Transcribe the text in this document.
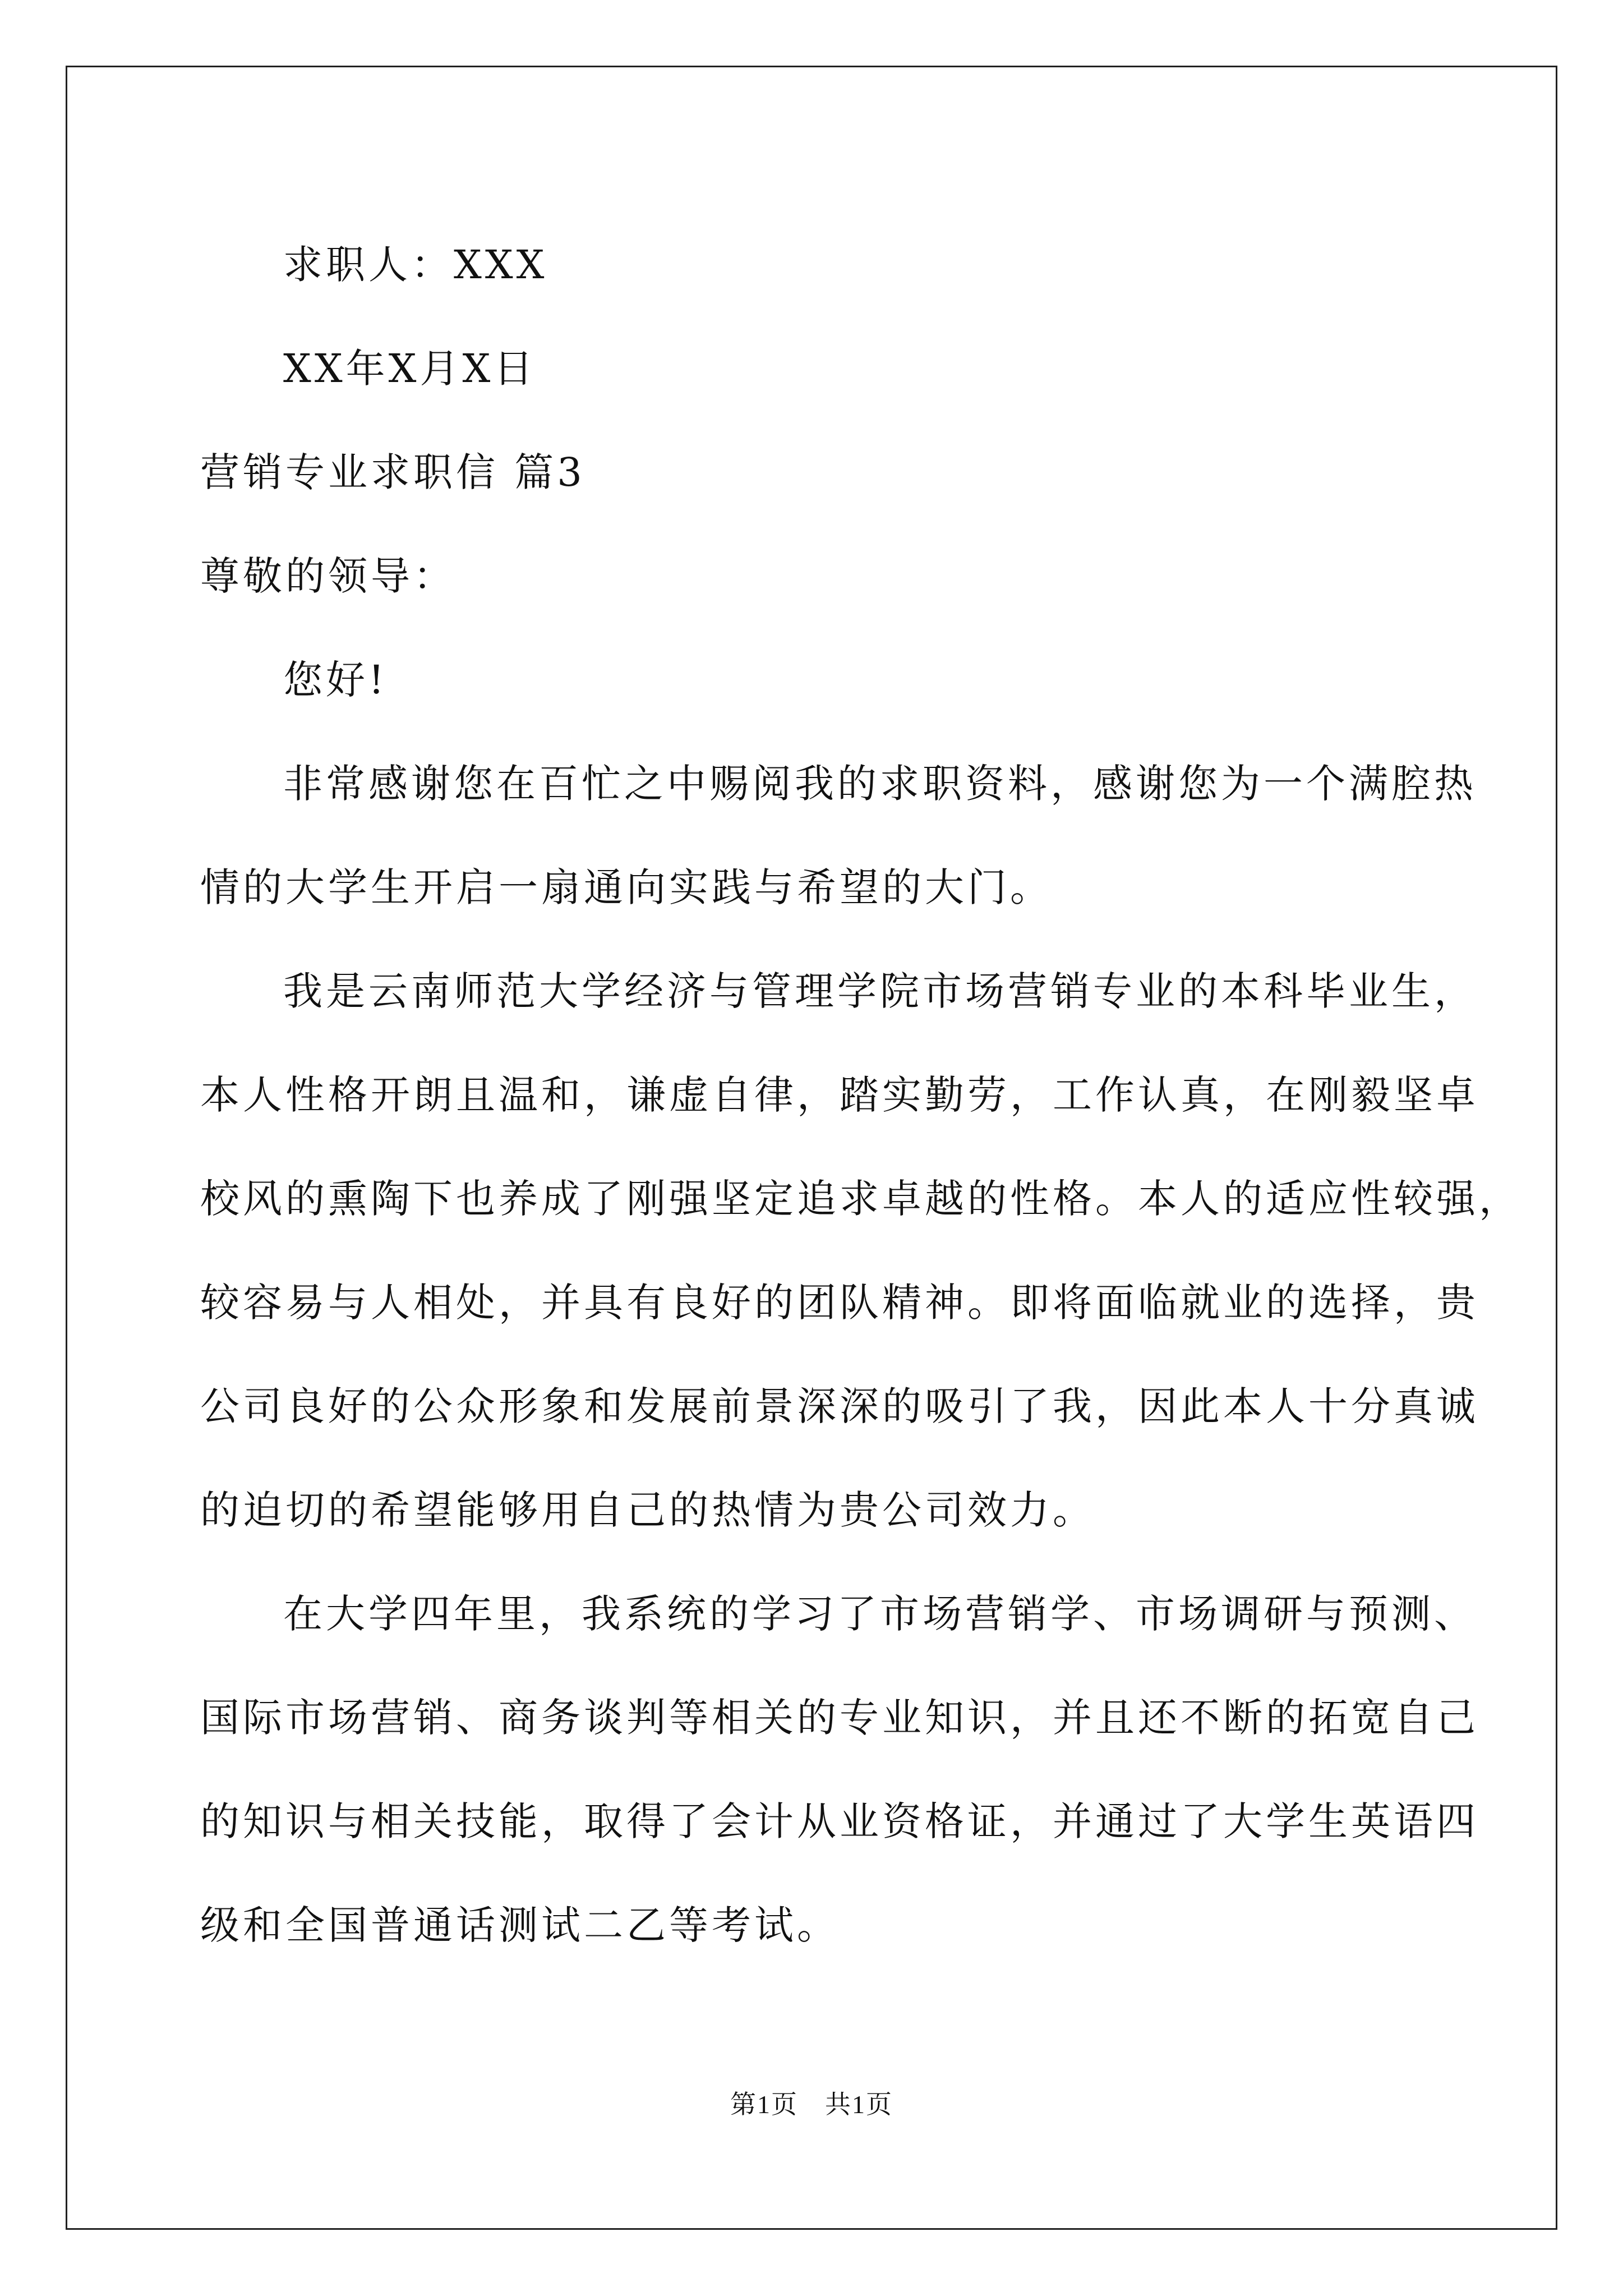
求职人：XXX
XX年X月X日
营销专业求职信 篇3
尊敬的领导：
您好!
非常感谢您在百忙之中赐阅我的求职资料，感谢您为一个满腔热
情的大学生开启一扇通向实践与希望的大门。
我是云南师范大学经济与管理学院市场营销专业的本科毕业生，
本人性格开朗且温和，谦虚自律，踏实勤劳，工作认真，在刚毅坚卓
校风的熏陶下也养成了刚强坚定追求卓越的性格。本人的适应性较强，
较容易与人相处，并具有良好的团队精神。即将面临就业的选择，贵
公司良好的公众形象和发展前景深深的吸引了我，因此本人十分真诚
的迫切的希望能够用自己的热情为贵公司效力。
在大学四年里，我系统的学习了市场营销学、市场调研与预测、
国际市场营销、商务谈判等相关的专业知识，并且还不断的拓宽自己
的知识与相关技能，取得了会计从业资格证，并通过了大学生英语四
级和全国普通话测试二乙等考试。
第1页　共1页
